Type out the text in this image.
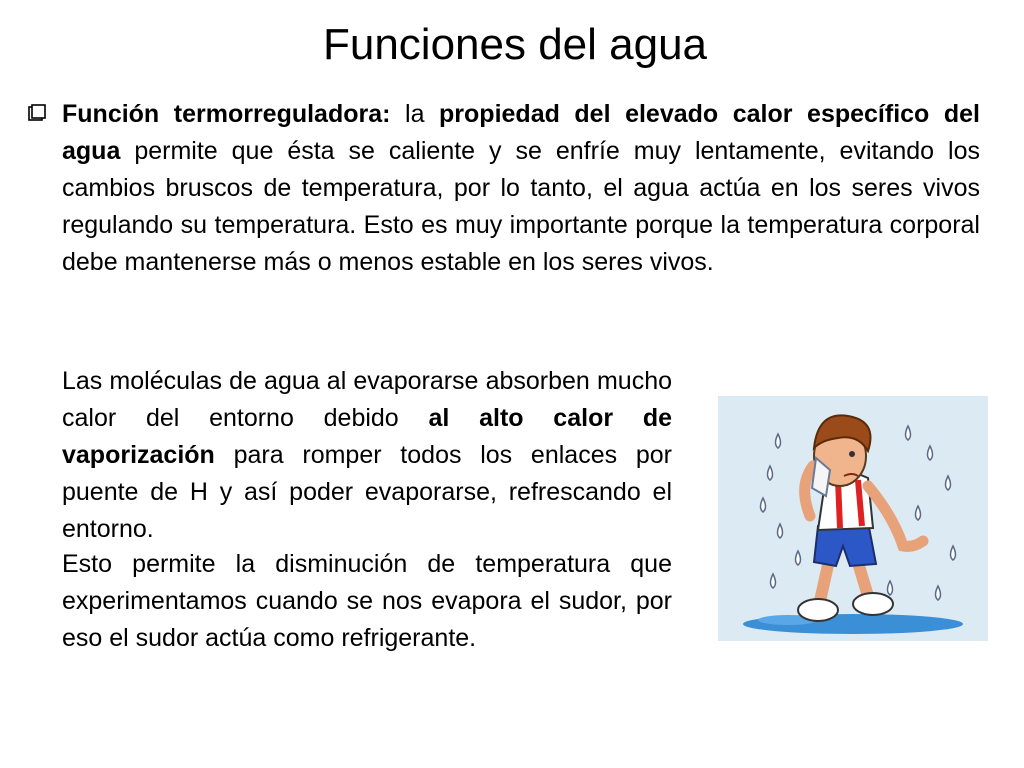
Funciones del agua

Función termorreguladora: la propiedad del elevado calor específico del agua permite que ésta se caliente y se enfríe muy lentamente, evitando los cambios bruscos de temperatura, por lo tanto, el agua actúa en los seres vivos regulando su temperatura. Esto es muy importante porque la temperatura corporal debe mantenerse más o menos estable en los seres vivos.

Las moléculas de agua al evaporarse absorben mucho calor del entorno debido al alto calor de vaporización para romper todos los enlaces por puente de H y así poder evaporarse, refrescando el entorno.

Esto permite la disminución de temperatura que experimentamos cuando se nos evapora el sudor, por eso el sudor actúa como refrigerante.
